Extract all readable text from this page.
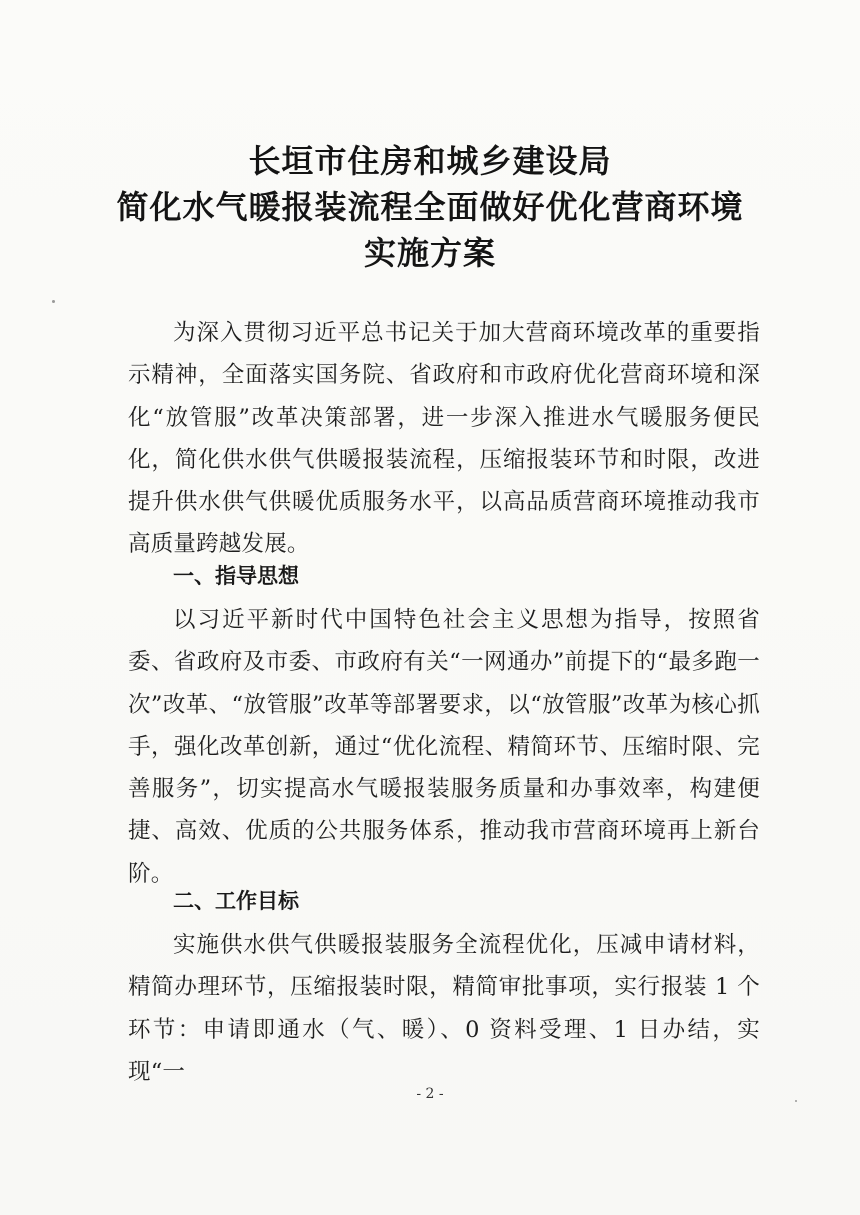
长垣市住房和城乡建设局
简化水气暖报装流程全面做好优化营商环境
实施方案

为深入贯彻习近平总书记关于加大营商环境改革的重要指示精神，全面落实国务院、省政府和市政府优化营商环境和深化“放管服”改革决策部署，进一步深入推进水气暖服务便民化，简化供水供气供暖报装流程，压缩报装环节和时限，改进提升供水供气供暖优质服务水平，以高品质营商环境推动我市高质量跨越发展。

一、指导思想

以习近平新时代中国特色社会主义思想为指导，按照省委、省政府及市委、市政府有关“一网通办”前提下的“最多跑一次”改革、“放管服”改革等部署要求，以“放管服”改革为核心抓手，强化改革创新，通过“优化流程、精简环节、压缩时限、完善服务”，切实提高水气暖报装服务质量和办事效率，构建便捷、高效、优质的公共服务体系，推动我市营商环境再上新台阶。

二、工作目标

实施供水供气供暖报装服务全流程优化，压减申请材料，精简办理环节，压缩报装时限，精简审批事项，实行报装 1 个环节：申请即通水（气、暖）、0 资料受理、1 日办结，实现“一

- 2 -
